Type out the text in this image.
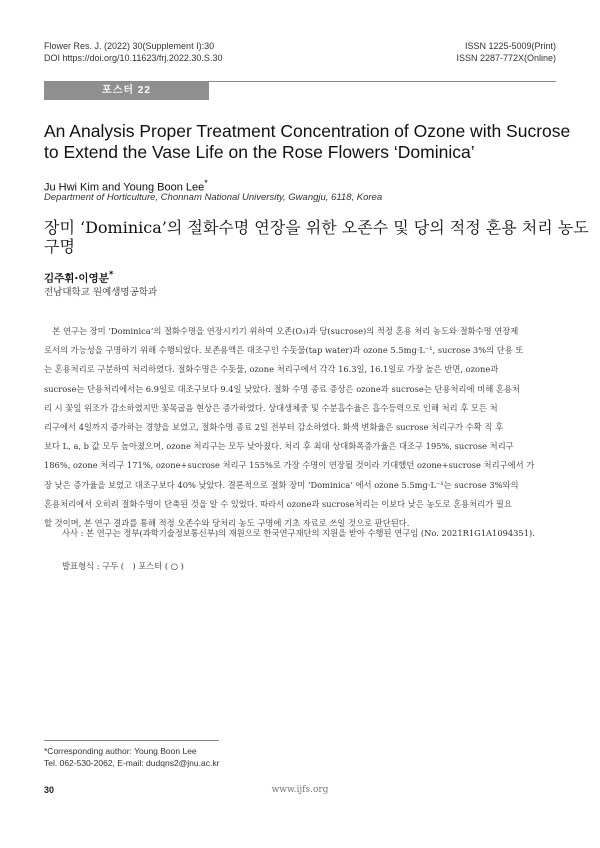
Flower Res. J. (2022) 30(Supplement I):30
DOI https://doi.org/10.11623/frj.2022.30.S.30
ISSN 1225-5009(Print)
ISSN 2287-772X(Online)
포스터 22
An Analysis Proper Treatment Concentration of Ozone with Sucrose
to Extend the Vase Life on the Rose Flowers ‘Dominica’
Ju Hwi Kim and Young Boon Lee*
Department of Horticulture, Chonnam National University, Gwangju, 6118, Korea
장미 ‘Dominica’의 절화수명 연장을 위한 오존수 및 당의 적정 혼용 처리 농도
구명
김주휘·이영분*
전남대학교 원예생명공학과
　본 연구는 장미 ‘Dominica’의 절화수명을 연장시키기 위하여 오존(O₃)과 당(sucrose)의 적정 혼용 처리 농도와 절화수명 연장제
로서의 가능성을 구명하기 위해 수행되었다. 보존용액은 대조구인 수돗물(tap water)과 ozone 5.5mg·L⁻¹, sucrose 3%의 단용 또
는 혼용처리로 구분하여 처리하였다. 절화수명은 수돗물, ozone 처리구에서 각각 16.3일, 16.1일로 가장 높은 반면, ozone과
sucrose는 단용처리에서는 6.9일로 대조구보다 9.4일 낮았다. 절화 수명 종료 증상은 ozone과 sucrose는 단용처리에 비해 혼용처
리 시 꽃잎 위조가 감소하였지만 꽃목굽음 현상은 증가하였다. 상대생체중 및 수분흡수율은 흡수등력으로 인해 처리 후 모든 처
리구에서 4일까지 증가하는 경향을 보였고, 절화수명 종료 2일 전부터 감소하였다. 화색 변화율은 sucrose 처리구가 수확 직 후
보다 L, a, b 값 모두 높아졌으며, ozone 처리구는 모두 낮아졌다. 처리 후 최대 상대화폭증가율은 대조구 195%, sucrose 처리구
186%, ozone 처리구 171%, ozone+sucrose 처리구 155%로 가장 수명이 연장될 것이라 기대했던 ozone+sucrose 처리구에서 가
장 낮은 증가율을 보였고 대조구보다 40% 낮았다. 결론적으로 절화 장미 ‘Dominica’ 에서 ozone 5.5mg·L⁻¹는 sucrose 3%와의
혼용처리에서 오히려 절화수명이 단축된 것을 알 수 있었다. 따라서 ozone과 sucrose처리는 이보다 낮은 농도로 혼용처리가 필요
할 것이며, 본 연구 결과를 통해 적정 오존수와 당처리 농도 구명에 기초 자료로 쓰일 것으로 판단된다.
사사 : 본 연구는 정부(과학기술정보통신부)의 재원으로 한국연구재단의 지원을 받아 수행된 연구임 (No. 2021R1G1A1094351).
발표형식 : 구두 (　) 포스터 ( ○ )
*Corresponding author: Young Boon Lee
Tel. 062-530-2062, E-mail: dudqns2@jnu.ac.kr
30	www.ijfs.org
